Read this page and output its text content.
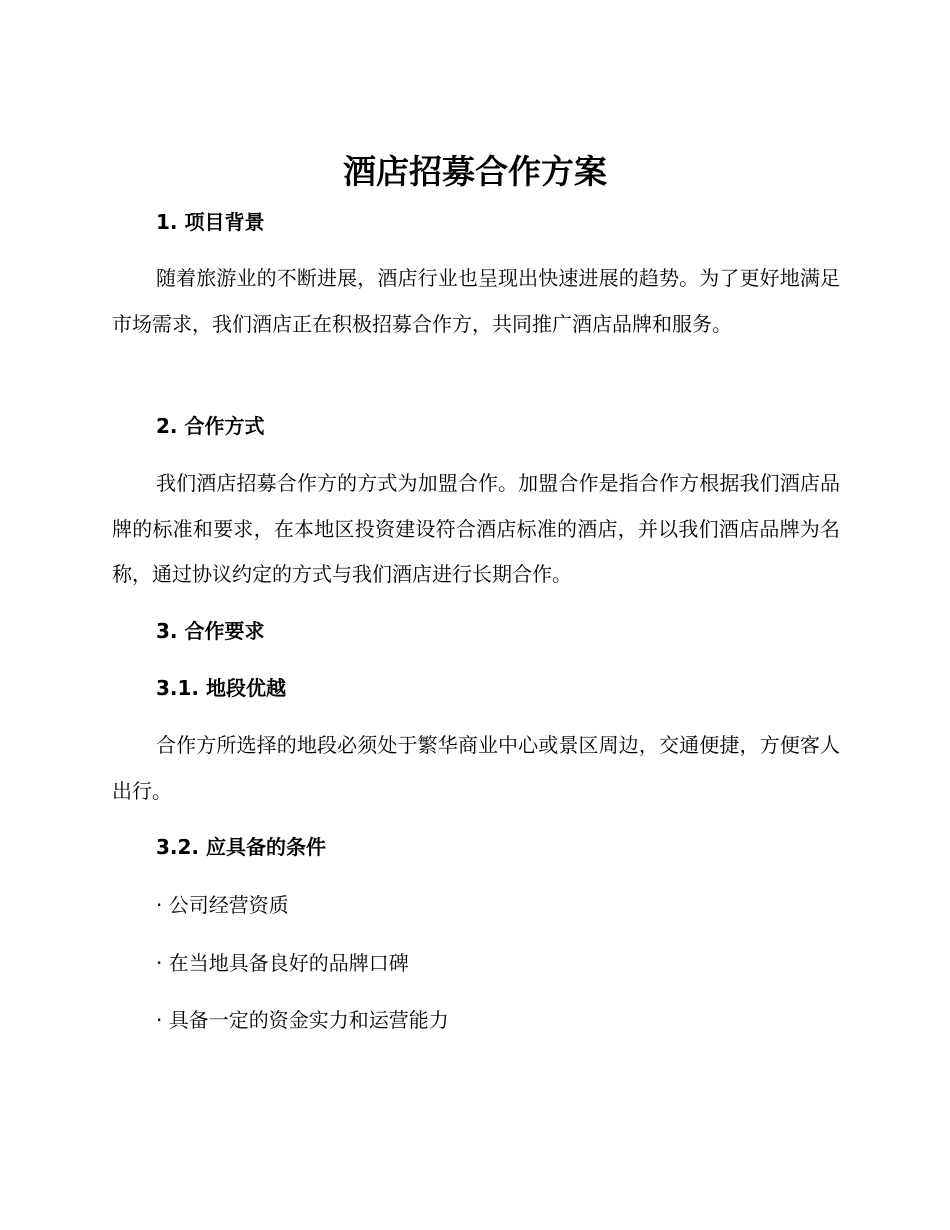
酒店招募合作方案
1. 项目背景

随着旅游业的不断进展，酒店行业也呈现出快速进展的趋势。为了更好地满足市场需求，我们酒店正在积极招募合作方，共同推广酒店品牌和服务。

2. 合作方式

我们酒店招募合作方的方式为加盟合作。加盟合作是指合作方根据我们酒店品牌的标准和要求，在本地区投资建设符合酒店标准的酒店，并以我们酒店品牌为名称，通过协议约定的方式与我们酒店进行长期合作。

3. 合作要求
3.1. 地段优越

合作方所选择的地段必须处于繁华商业中心或景区周边，交通便捷，方便客人出行。

3.2. 应具备的条件

· 公司经营资质

· 在当地具备良好的品牌口碑

· 具备一定的资金实力和运营能力
